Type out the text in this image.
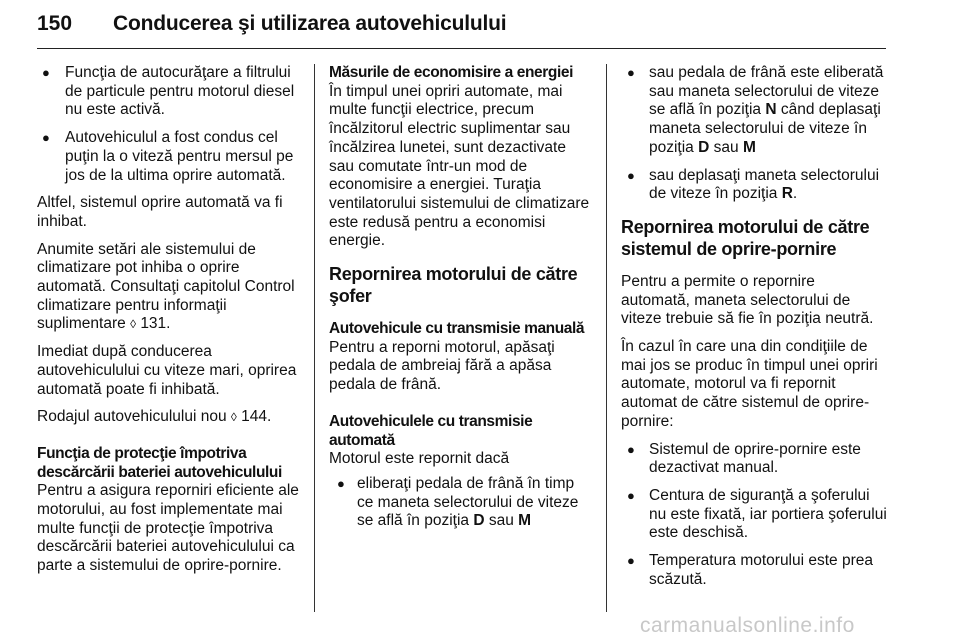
150 Conducerea şi utilizarea autovehiculului
● Funcţia de autocurăţare a filtrului de particule pentru motorul diesel nu este activă.
● Autovehiculul a fost condus cel puţin la o viteză pentru mersul pe jos de la ultima oprire automată.

Altfel, sistemul oprire automată va fi inhibat.

Anumite setări ale sistemului de climatizare pot inhiba o oprire automată. Consultaţi capitolul Control climatizare pentru informaţii suplimentare ◊ 131.

Imediat după conducerea autovehiculului cu viteze mari, oprirea automată poate fi inhibată.

Rodajul autovehiculului nou ◊ 144.

Funcţia de protecţie împotriva descărcării bateriei autovehiculului

Pentru a asigura reporniri eficiente ale motorului, au fost implementate mai multe funcţii de protecţie împotriva descărcării bateriei autovehiculului ca parte a sistemului de oprire-pornire.

Măsurile de economisire a energiei

În timpul unei opriri automate, mai multe funcţii electrice, precum încălzitorul electric suplimentar sau încălzirea lunetei, sunt dezactivate sau comutate într-un mod de economisire a energiei. Turaţia ventilatorului sistemului de climatizare este redusă pentru a economisi energie.

Repornirea motorului de către şofer

Autovehicule cu transmisie manuală

Pentru a reporni motorul, apăsaţi pedala de ambreiaj fără a apăsa pedala de frână.

Autovehiculele cu transmisie automată

Motorul este repornit dacă

● eliberaţi pedala de frână în timp ce maneta selectorului de viteze se află în poziţia D sau M
● sau pedala de frână este eliberată sau maneta selectorului de viteze se află în poziţia N când deplasaţi maneta selectorului de viteze în poziţia D sau M
● sau deplasaţi maneta selectorului de viteze în poziţia R.

Repornirea motorului de către sistemul de oprire-pornire

Pentru a permite o repornire automată, maneta selectorului de viteze trebuie să fie în poziţia neutră.

În cazul în care una din condiţiile de mai jos se produc în timpul unei opriri automate, motorul va fi repornit automat de către sistemul de oprire-pornire:

● Sistemul de oprire-pornire este dezactivat manual.
● Centura de siguranţă a şoferului nu este fixată, iar portiera şoferului este deschisă.
● Temperatura motorului este prea scăzută.
carmanualsonline.info
